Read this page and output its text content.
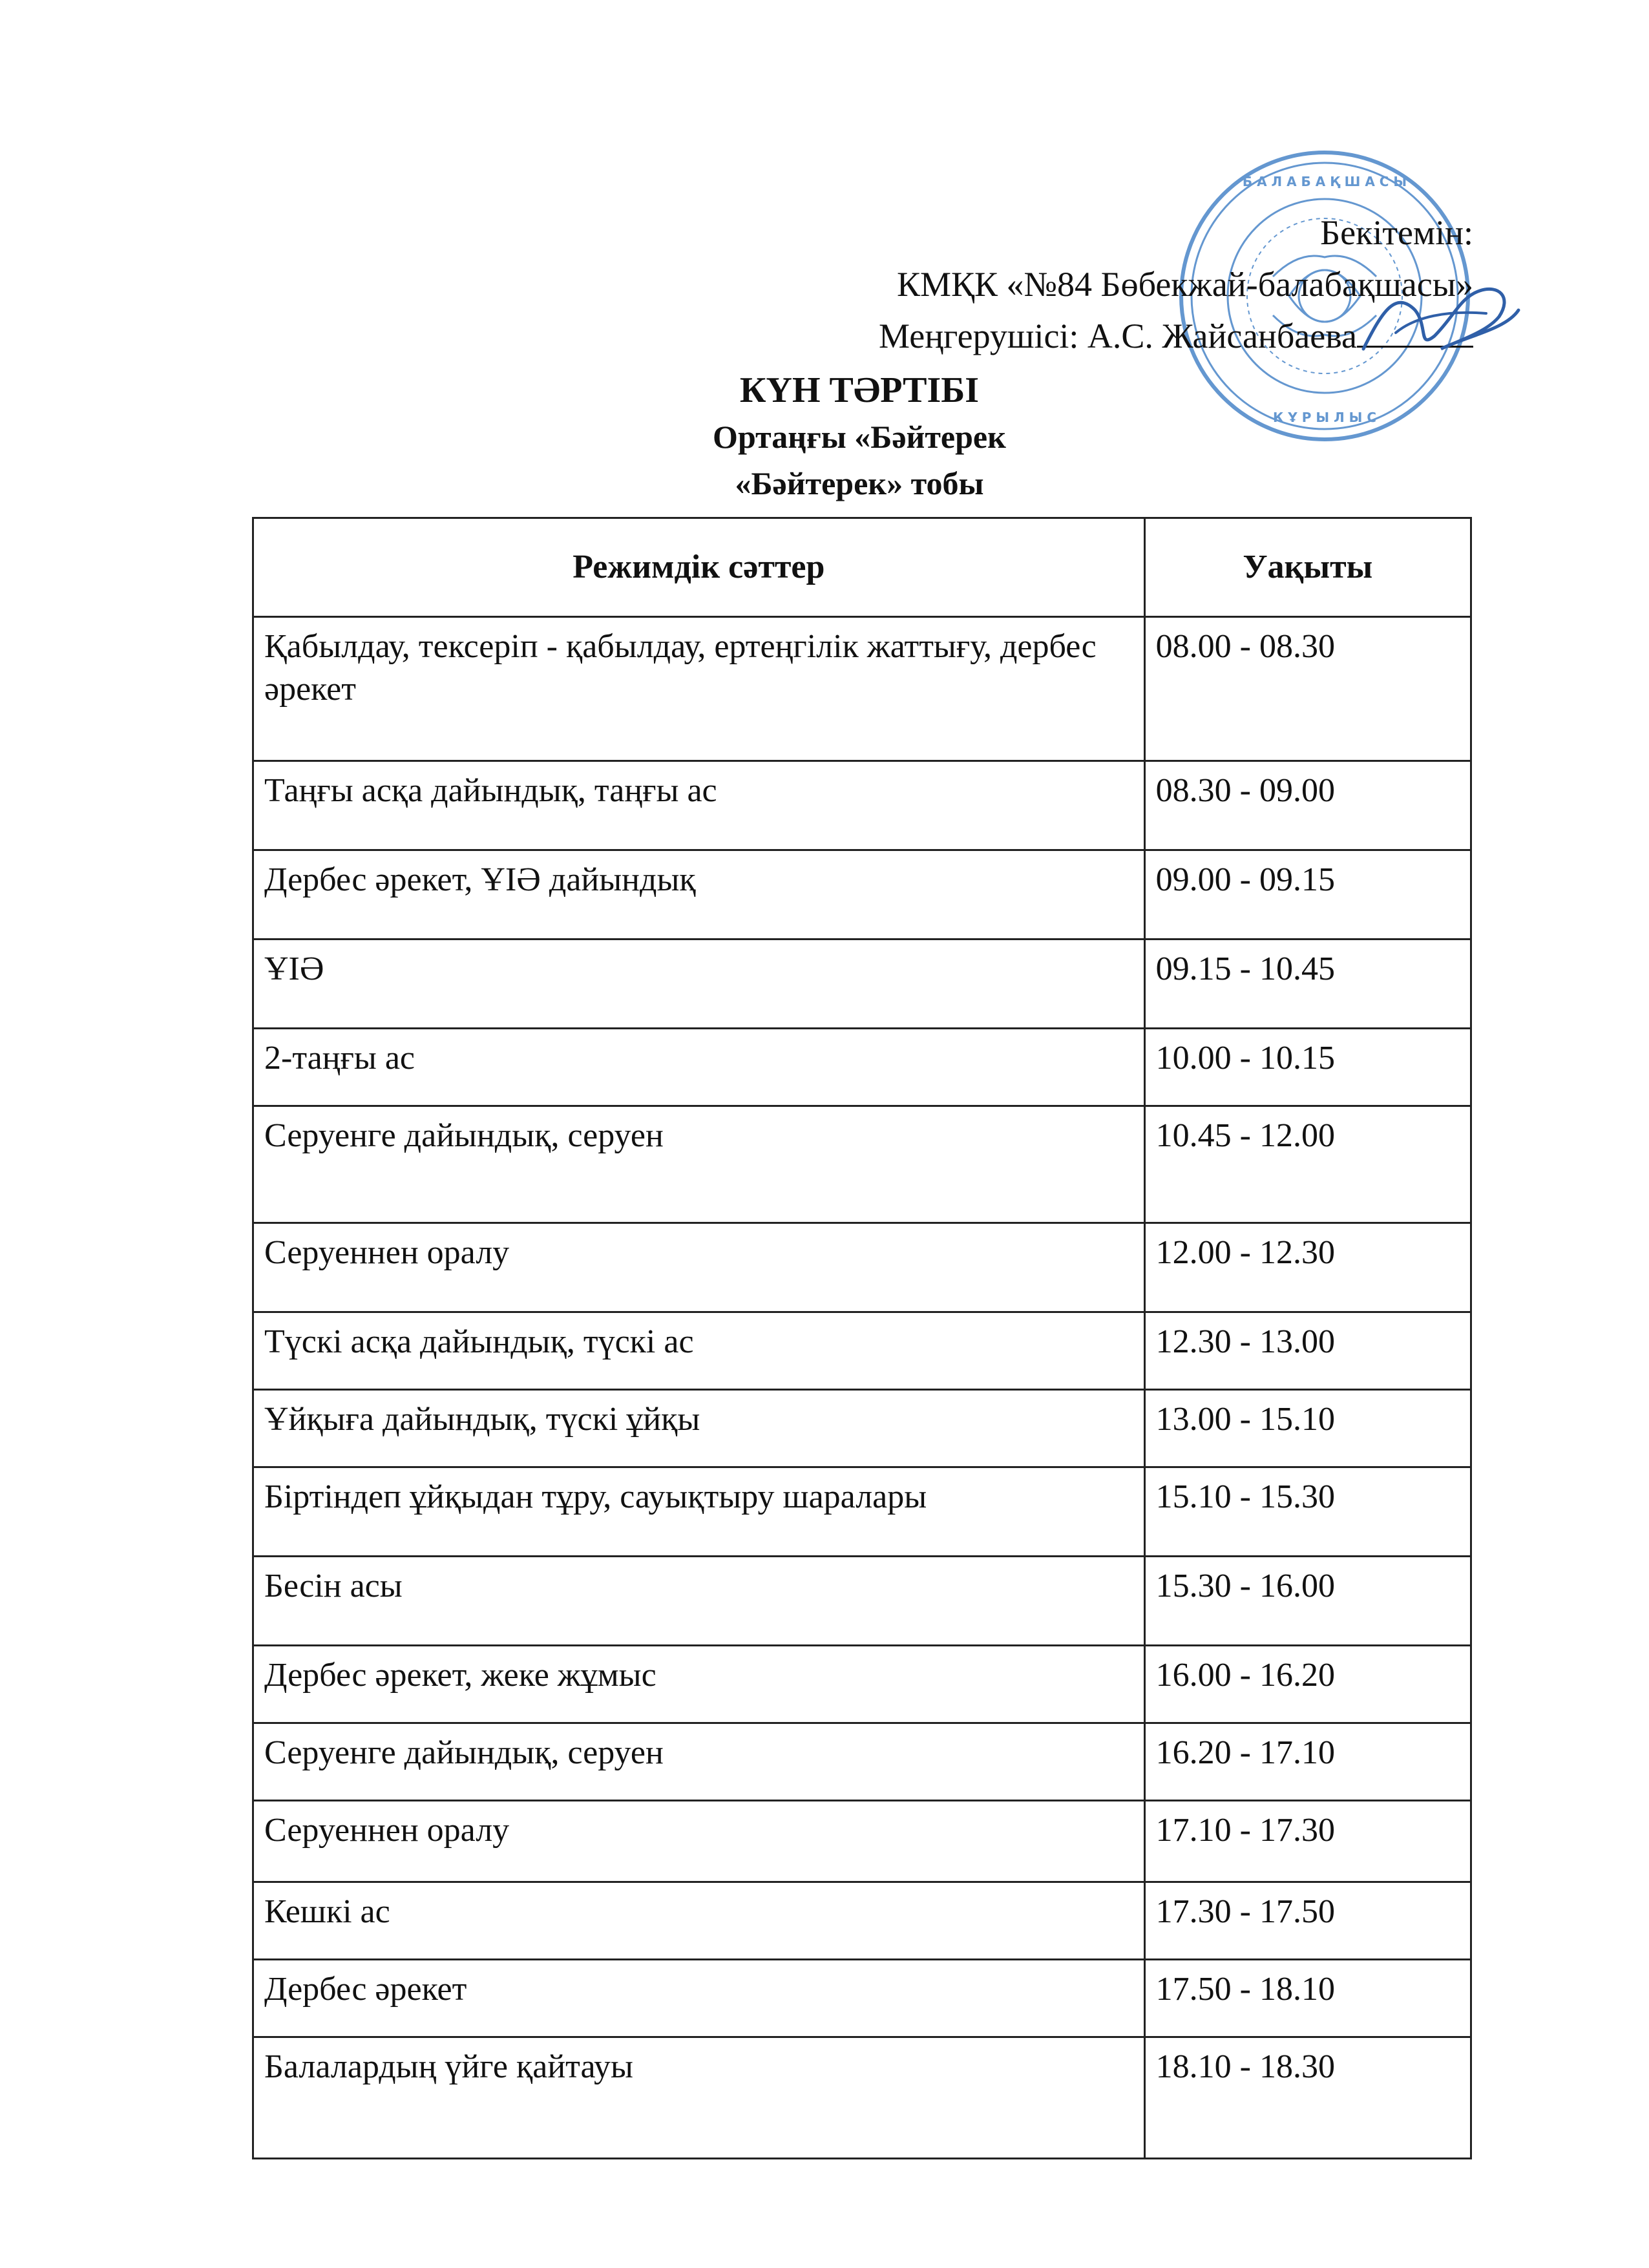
Б А Л А Б А Қ Ш А С Ы
К Ұ Р Ы Л Ы С
Бекітемін:
КМҚК «№84 Бөбекжай-балабақшасы»
Меңгерушісі: А.С. Жайсанбаева
КҮН ТӘРТІБІ
Ортаңғы «Бәйтерек
«Бәйтерек» тобы
Режимдік сәттер	Уақыты
Қабылдау, тексеріп - қабылдау, ертеңгілік жаттығу, дербес әрекет	08.00 - 08.30
Таңғы асқа дайындық, таңғы ас	08.30 - 09.00
Дербес әрекет, ҰІӘ дайындық	09.00 - 09.15
ҰІӘ	09.15 - 10.45
2-таңғы ас	10.00 - 10.15
Серуенге дайындық, серуен	10.45 - 12.00
Серуеннен оралу	12.00 - 12.30
Түскі асқа дайындық, түскі ас	12.30 - 13.00
Ұйқыға дайындық, түскі ұйқы	13.00 - 15.10
Біртіндеп ұйқыдан тұру, сауықтыру шаралары	15.10 - 15.30
Бесін асы	15.30 - 16.00
Дербес әрекет, жеке жұмыс	16.00 - 16.20
Серуенге дайындық, серуен	16.20 - 17.10
Серуеннен оралу	17.10 - 17.30
Кешкі ас	17.30 - 17.50
Дербес әрекет	17.50 - 18.10
Балалардың үйге қайтауы	18.10 - 18.30
